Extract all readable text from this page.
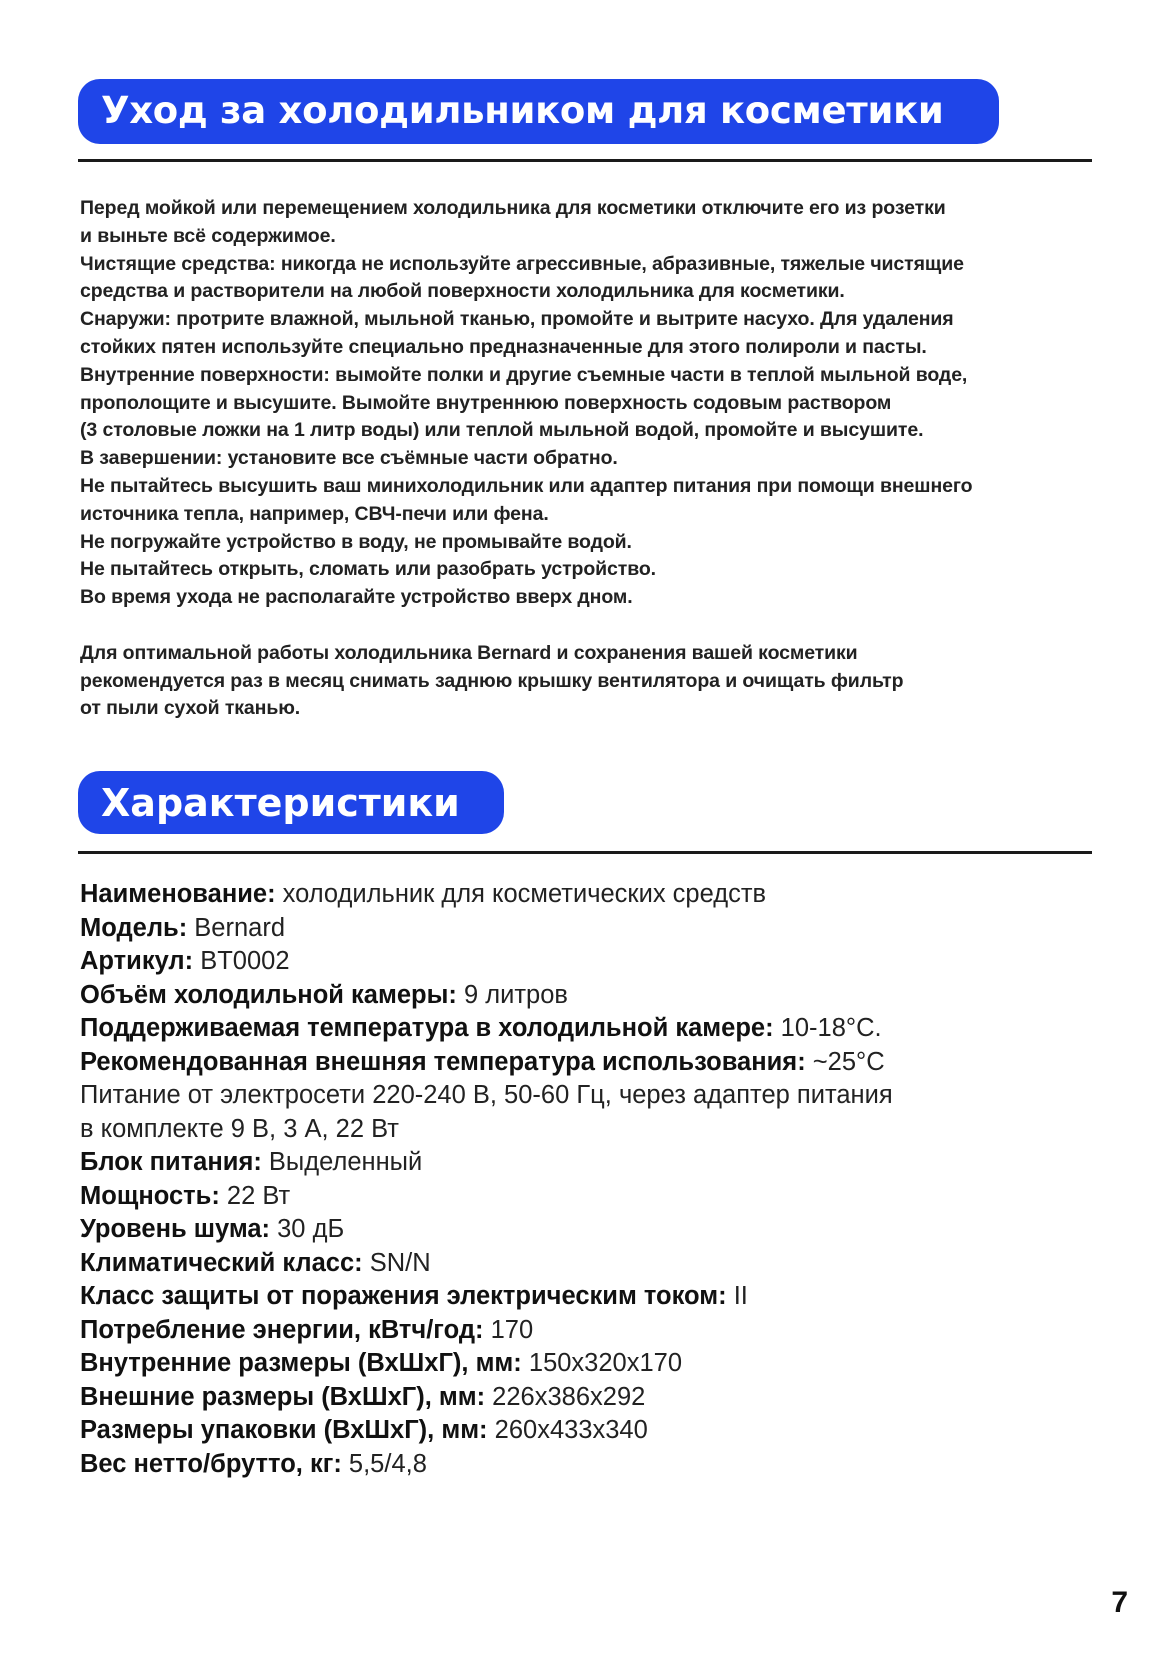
Уход за холодильником для косметики
Перед мойкой или перемещением холодильника для косметики отключите его из розетки
и выньте всё содержимое.
Чистящие средства: никогда не используйте агрессивные, абразивные, тяжелые чистящие
средства и растворители на любой поверхности холодильника для косметики.
Снаружи: протрите влажной, мыльной тканью, промойте и вытрите насухо. Для удаления
стойких пятен используйте специально предназначенные для этого полироли и пасты.
Внутренние поверхности: вымойте полки и другие съемные части в теплой мыльной воде,
прополощите и высушите. Вымойте внутреннюю поверхность содовым раствором
(3 столовые ложки на 1 литр воды) или теплой мыльной водой, промойте и высушите.
В завершении: установите все съёмные части обратно.
Не пытайтесь высушить ваш минихолодильник или адаптер питания при помощи внешнего
источника тепла, например, СВЧ-печи или фена.
Не погружайте устройство в воду, не промывайте водой.
Не пытайтесь открыть, сломать или разобрать устройство.
Во время ухода не располагайте устройство вверх дном.
Для оптимальной работы холодильника Bernard и сохранения вашей косметики
рекомендуется раз в месяц снимать заднюю крышку вентилятора и очищать фильтр
от пыли сухой тканью.
Характеристики
Наименование: холодильник для косметических средств
Модель: Bernard
Артикул: BT0002
Объём холодильной камеры: 9 литров
Поддерживаемая температура в холодильной камере: 10-18°С.
Рекомендованная внешняя температура использования: ~25°С
Питание от электросети 220-240 В, 50-60 Гц, через адаптер питания
в комплекте 9 В, 3 А, 22 Вт
Блок питания: Выделенный
Мощность: 22 Вт
Уровень шума: 30 дБ
Климатический класс: SN/N
Класс защиты от поражения электрическим током: II
Потребление энергии, кВтч/год: 170
Внутренние размеры (ВхШхГ), мм: 150x320x170
Внешние размеры (ВхШхГ), мм: 226x386x292
Размеры упаковки (ВхШхГ), мм: 260x433x340
Вес нетто/брутто, кг: 5,5/4,8
7
